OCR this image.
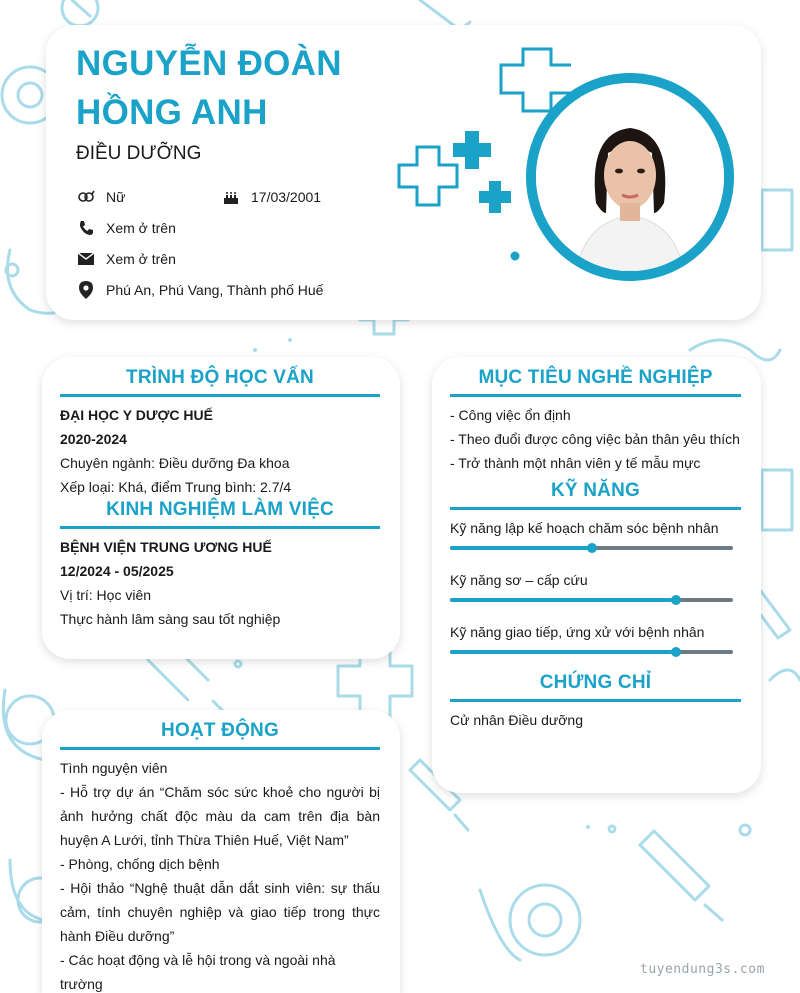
NGUYỄN ĐOÀN
HỒNG ANH
ĐIỀU DƯỠNG
Nữ	17/03/2001
Xem ở trên
Xem ở trên
Phú An, Phú Vang, Thành phố Huế
TRÌNH ĐỘ HỌC VẤN
ĐẠI HỌC Y DƯỢC HUẾ
2020-2024
Chuyên ngành: Điều dưỡng Đa khoa
Xếp loại: Khá, điểm Trung bình: 2.7/4
KINH NGHIỆM LÀM VIỆC
BỆNH VIỆN TRUNG ƯƠNG HUẾ
12/2024 - 05/2025
Vị trí: Học viên
Thực hành lâm sàng sau tốt nghiệp
MỤC TIÊU NGHỀ NGHIỆP
- Công việc ổn định
- Theo đuổi được công việc bản thân yêu thích
- Trở thành một nhân viên y tế mẫu mực
KỸ NĂNG
Kỹ năng lập kế hoạch chăm sóc bệnh nhân
Kỹ năng sơ – cấp cứu
Kỹ năng giao tiếp, ứng xử với bệnh nhân
CHỨNG CHỈ
Cử nhân Điều dưỡng
HOẠT ĐỘNG
Tình nguyện viên
- Hỗ trợ dự án “Chăm sóc sức khoẻ cho người bị ảnh hưởng chất độc màu da cam trên địa bàn huyện A Lưới, tỉnh Thừa Thiên Huế, Việt Nam”
- Phòng, chống dịch bệnh
- Hội thảo “Nghệ thuật dẫn dắt sinh viên: sự thấu cảm, tính chuyên nghiệp và giao tiếp trong thực hành Điều dưỡng”
- Các hoạt động và lễ hội trong và ngoài nhà trường
tuyendung3s.com
